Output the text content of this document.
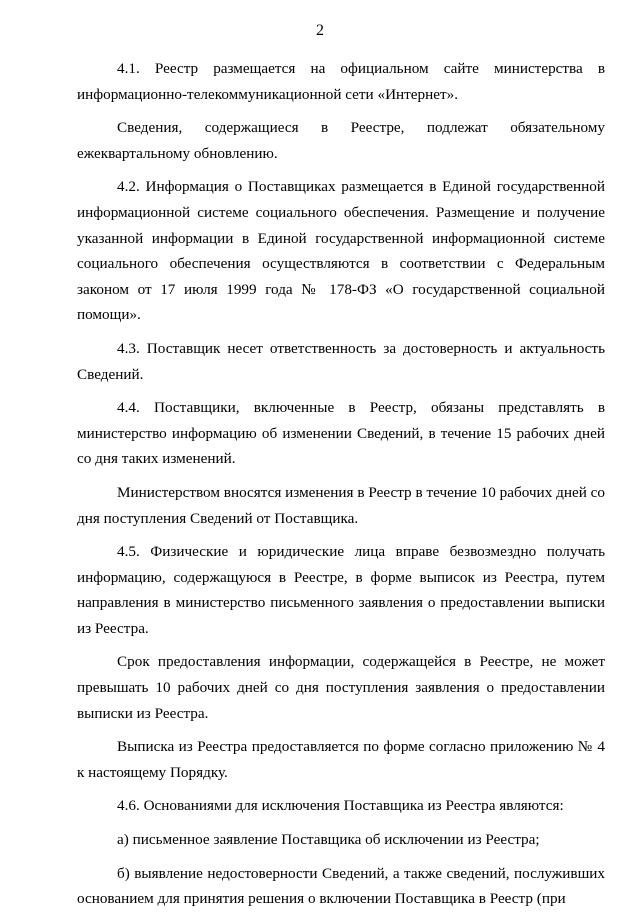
2

4.1. Реестр размещается на официальном сайте министерства в информационно-телекоммуникационной сети «Интернет».

Сведения, содержащиеся в Реестре, подлежат обязательному ежеквартальному обновлению.

4.2. Информация о Поставщиках размещается в Единой государственной информационной системе социального обеспечения. Размещение и получение указанной информации в Единой государственной информационной системе социального обеспечения осуществляются в соответствии с Федеральным законом от 17 июля 1999 года № 178-ФЗ «О государственной социальной помощи».

4.3. Поставщик несет ответственность за достоверность и актуальность Сведений.

4.4. Поставщики, включенные в Реестр, обязаны представлять в министерство информацию об изменении Сведений, в течение 15 рабочих дней со дня таких изменений.

Министерством вносятся изменения в Реестр в течение 10 рабочих дней со дня поступления Сведений от Поставщика.

4.5. Физические и юридические лица вправе безвозмездно получать информацию, содержащуюся в Реестре, в форме выписок из Реестра, путем направления в министерство письменного заявления о предоставлении выписки из Реестра.

Срок предоставления информации, содержащейся в Реестре, не может превышать 10 рабочих дней со дня поступления заявления о предоставлении выписки из Реестра.

Выписка из Реестра предоставляется по форме согласно приложению № 4 к настоящему Порядку.

4.6. Основаниями для исключения Поставщика из Реестра являются:

а) письменное заявление Поставщика об исключении из Реестра;

б) выявление недостоверности Сведений, а также сведений, послуживших основанием для принятия решения о включении Поставщика в Реестр (при
